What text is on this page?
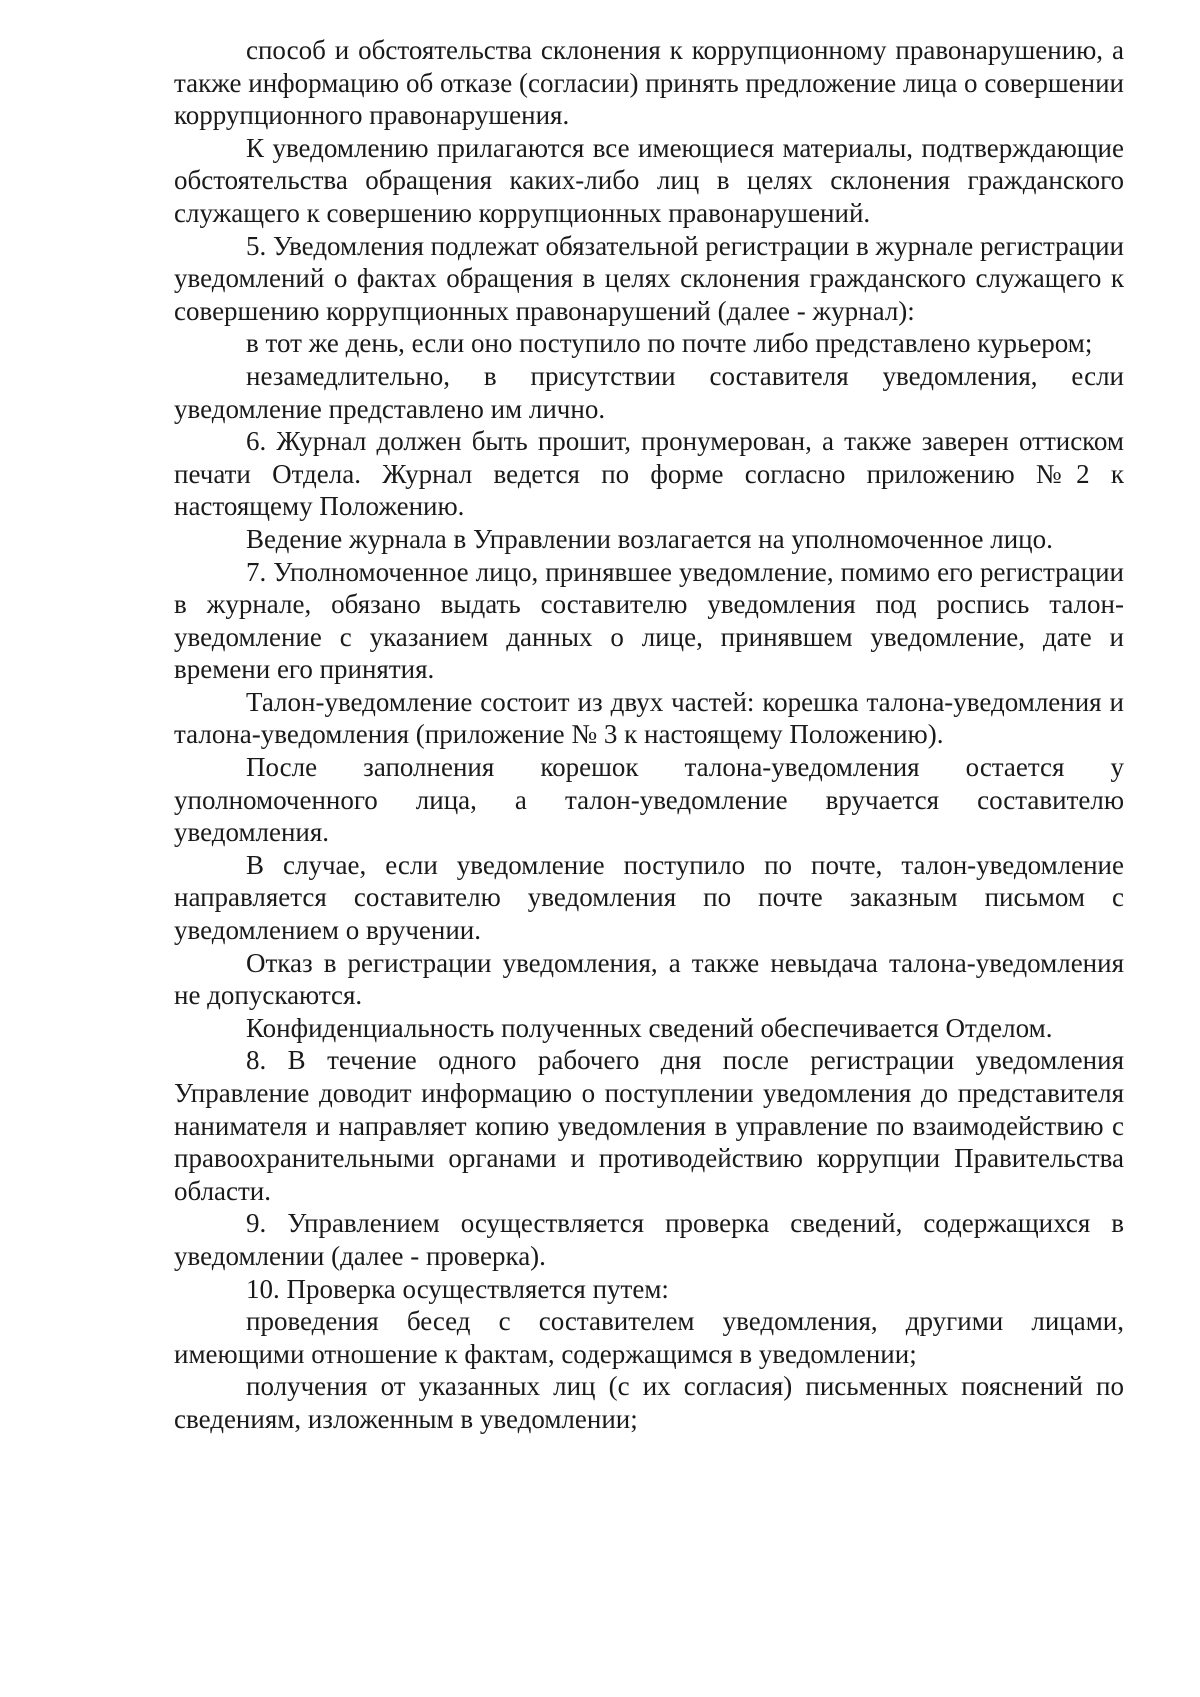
способ и обстоятельства склонения к коррупционному правонарушению, а также информацию об отказе (согласии) принять предложение лица о совершении коррупционного правонарушения.

К уведомлению прилагаются все имеющиеся материалы, подтверждающие обстоятельства обращения каких-либо лиц в целях склонения гражданского служащего к совершению коррупционных правонарушений.

5. Уведомления подлежат обязательной регистрации в журнале регистрации уведомлений о фактах обращения в целях склонения гражданского служащего к совершению коррупционных правонарушений (далее - журнал):

в тот же день, если оно поступило по почте либо представлено курьером;

незамедлительно, в присутствии составителя уведомления, если уведомление представлено им лично.

6. Журнал должен быть прошит, пронумерован, а также заверен оттиском печати Отдела. Журнал ведется по форме согласно приложению №2 к настоящему Положению.

Ведение журнала в Управлении возлагается на уполномоченное лицо.

7. Уполномоченное лицо, принявшее уведомление, помимо его регистрации в журнале, обязано выдать составителю уведомления под роспись талон-уведомление с указанием данных о лице, принявшем уведомление, дате и времени его принятия.

Талон-уведомление состоит из двух частей: корешка талона-уведомления и талона-уведомления (приложение № 3 к настоящему Положению).

После заполнения корешок талона-уведомления остается у уполномоченного лица, а талон-уведомление вручается составителю уведомления.

В случае, если уведомление поступило по почте, талон-уведомление направляется составителю уведомления по почте заказным письмом с уведомлением о вручении.

Отказ в регистрации уведомления, а также невыдача талона-уведомления не допускаются.

Конфиденциальность полученных сведений обеспечивается Отделом.

8. В течение одного рабочего дня после регистрации уведомления Управление доводит информацию о поступлении уведомления до представителя нанимателя и направляет копию уведомления в управление по взаимодействию с правоохранительными органами и противодействию коррупции Правительства области.

9. Управлением осуществляется проверка сведений, содержащихся в уведомлении (далее - проверка).

10. Проверка осуществляется путем:

проведения бесед с составителем уведомления, другими лицами, имеющими отношение к фактам, содержащимся в уведомлении;

получения от указанных лиц (с их согласия) письменных пояснений по сведениям, изложенным в уведомлении;
